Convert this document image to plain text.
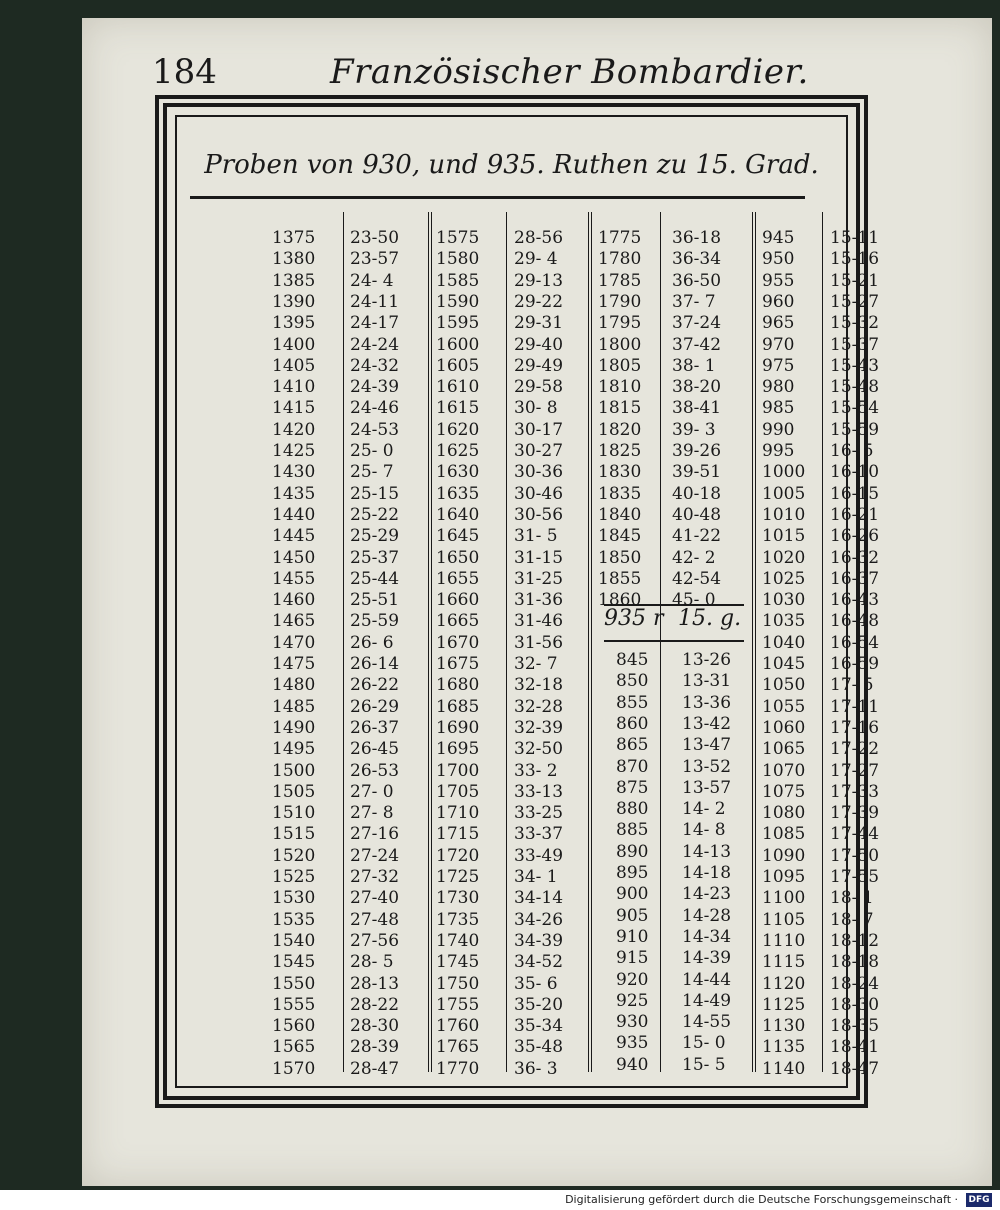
184	Französischer Bombardier.
Proben von 930, und 935. Ruthen zu 15. Grad.
1375 23-50
1380 23-57
1385 24- 4
1390 24-11
1395 24-17
1400 24-24
1405 24-32
1410 24-39
1415 24-46
1420 24-53
1425 25- 0
1430 25- 7
1435 25-15
1440 25-22
1445 25-29
1450 25-37
1455 25-44
1460 25-51
1465 25-59
1470 26- 6
1475 26-14
1480 26-22
1485 26-29
1490 26-37
1495 26-45
1500 26-53
1505 27- 0
1510 27- 8
1515 27-16
1520 27-24
1525 27-32
1530 27-40
1535 27-48
1540 27-56
1545 28- 5
1550 28-13
1555 28-22
1560 28-30
1565 28-39
1570 28-47
1575 28-56
1580 29- 4
1585 29-13
1590 29-22
1595 29-31
1600 29-40
1605 29-49
1610 29-58
1615 30- 8
1620 30-17
1625 30-27
1630 30-36
1635 30-46
1640 30-56
1645 31- 5
1650 31-15
1655 31-25
1660 31-36
1665 31-46
1670 31-56
1675 32- 7
1680 32-18
1685 32-28
1690 32-39
1695 32-50
1700 33- 2
1705 33-13
1710 33-25
1715 33-37
1720 33-49
1725 34- 1
1730 34-14
1735 34-26
1740 34-39
1745 34-52
1750 35- 6
1755 35-20
1760 35-34
1765 35-48
1770 36- 3
1775 36-18
1780 36-34
1785 36-50
1790 37- 7
1795 37-24
1800 37-42
1805 38- 1
1810 38-20
1815 38-41
1820 39- 3
1825 39-26
1830 39-51
1835 40-18
1840 40-48
1845 41-22
1850 42- 2
1855 42-54
1860 45- 0
845 13-26
850 13-31
855 13-36
860 13-42
865 13-47
870 13-52
875 13-57
880 14- 2
885 14- 8
890 14-13
895 14-18
900 14-23
905 14-28
910 14-34
915 14-39
920 14-44
925 14-49
930 14-55
935 15- 0
940 15- 5
945 15-11
950 15-16
955 15-21
960 15-27
965 15-32
970 15-37
975 15-43
980 15-48
985 15-54
990 15-59
995 16- 5
1000 16-10
1005 16-15
1010 16-21
1015 16-26
1020 16-32
1025 16-37
1030 16-43
1035 16-48
1040 16-54
1045 16-59
1050 17- 5
1055 17-11
1060 17-16
1065 17-22
1070 17-27
1075 17-33
1080 17-39
1085 17-44
1090 17-50
1095 17-55
1100 18- 1
1105 18- 7
1110 18-12
1115 18-18
1120 18-24
1125 18-30
1130 18-35
1135 18-41
1140 18-47
935 r 15. g.
Digitalisierung gefördert durch die Deutsche Forschungsgemeinschaft · DFG
